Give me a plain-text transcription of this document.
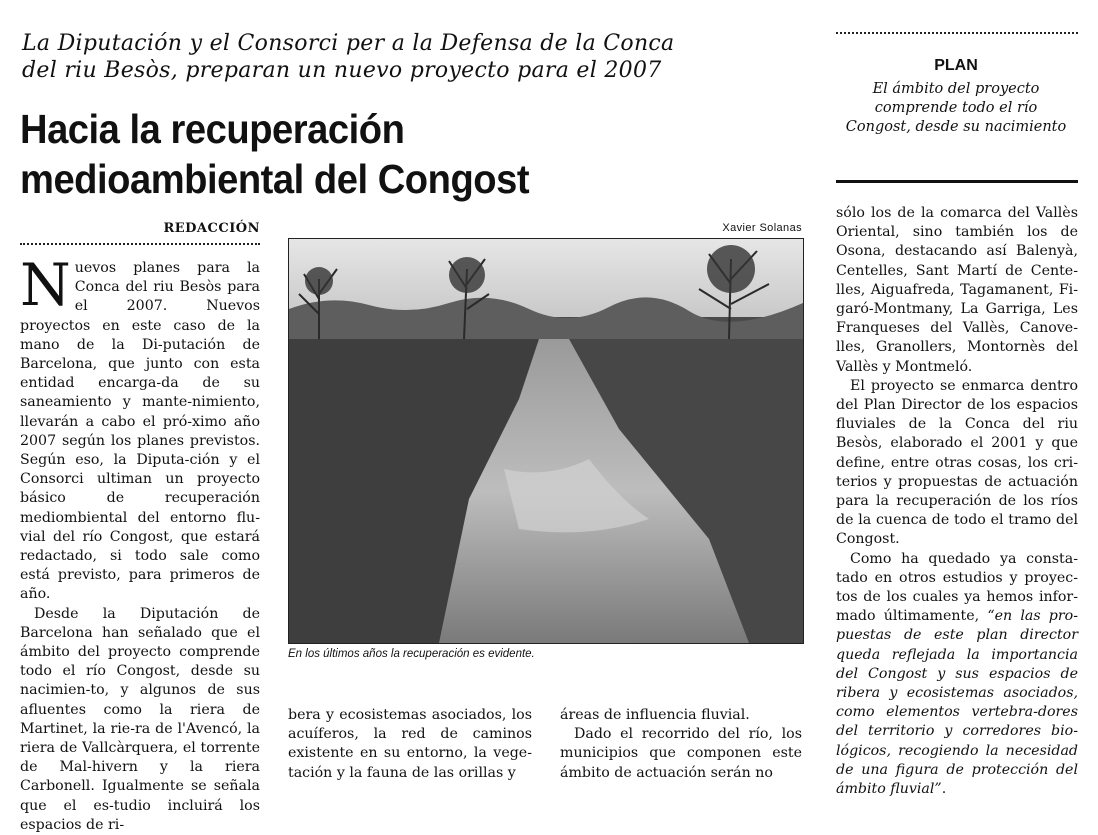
La Diputación y el Consorci per a la Defensa de la Conca
del riu Besòs, preparan un nuevo proyecto para el 2007
Hacia la recuperación
medioambiental del Congost
REDACCIÓN

Nuevos planes para la Conca del riu Besòs para el 2007. Nuevos proyectos en este caso de la mano de la Di-putación de Barcelona, que junto con esta entidad encarga-da de su saneamiento y mante-nimiento, llevarán a cabo el pró-ximo año 2007 según los planes previstos. Según eso, la Diputa-ción y el Consorci ultiman un proyecto básico de recuperación mediombiental del entorno flu-vial del río Congost, que estará redactado, si todo sale como está previsto, para primeros de año.

Desde la Diputación de Barcelona han señalado que el ámbito del proyecto comprende todo el río Congost, desde su nacimien-to, y algunos de sus afluentes como la riera de Martinet, la rie-ra de l'Avencó, la riera de Vallcàrquera, el torrente de Mal-hivern y la riera Carbonell. Igualmente se señala que el es-tudio incluirá los espacios de ri-

Xavier Solanas
En los últimos años la recuperación es evidente.

bera y ecosistemas asociados, los acuíferos, la red de caminos existente en su entorno, la vege-tación y la fauna de las orillas y

áreas de influencia fluvial.

Dado el recorrido del río, los municipios que componen este ámbito de actuación serán no

PLAN
El ámbito del proyecto comprende todo el río Congost, desde su nacimiento

sólo los de la comarca del Vallès Oriental, sino también los de Osona, destacando así Balenyà, Centelles, Sant Martí de Cente-lles, Aiguafreda, Tagamanent, Fi-garó-Montmany, La Garriga, Les Franqueses del Vallès, Canove-lles, Granollers, Montornès del Vallès y Montmeló.

El proyecto se enmarca dentro del Plan Director de los espacios fluviales de la Conca del riu Besòs, elaborado el 2001 y que define, entre otras cosas, los cri-terios y propuestas de actuación para la recuperación de los ríos de la cuenca de todo el tramo del Congost.

Como ha quedado ya consta-tado en otros estudios y proyec-tos de los cuales ya hemos infor-mado últimamente, “en las pro-puestas de este plan director queda reflejada la importancia del Congost y sus espacios de ribera y ecosistemas asociados, como elementos vertebra-dores del territorio y corredores bio-lógicos, recogiendo la necesidad de una figura de protección del ámbito fluvial”.
